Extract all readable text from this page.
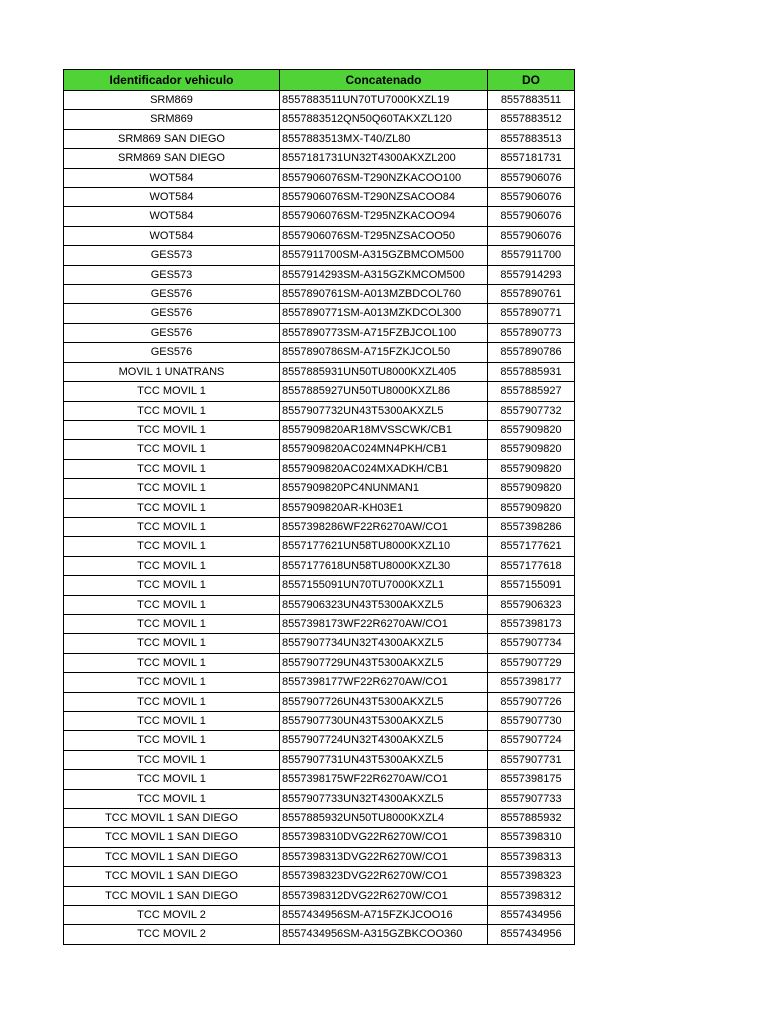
Identificador vehiculo	Concatenado	DO
SRM869	8557883511UN70TU7000KXZL19	8557883511
SRM869	8557883512QN50Q60TAKXZL120	8557883512
SRM869 SAN DIEGO	8557883513MX-T40/ZL80	8557883513
SRM869 SAN DIEGO	8557181731UN32T4300AKXZL200	8557181731
WOT584	8557906076SM-T290NZKACOO100	8557906076
WOT584	8557906076SM-T290NZSACOO84	8557906076
WOT584	8557906076SM-T295NZKACOO94	8557906076
WOT584	8557906076SM-T295NZSACOO50	8557906076
GES573	8557911700SM-A315GZBMCOM500	8557911700
GES573	8557914293SM-A315GZKMCOM500	8557914293
GES576	8557890761SM-A013MZBDCOL760	8557890761
GES576	8557890771SM-A013MZKDCOL300	8557890771
GES576	8557890773SM-A715FZBJCOL100	8557890773
GES576	8557890786SM-A715FZKJCOL50	8557890786
MOVIL 1 UNATRANS	8557885931UN50TU8000KXZL405	8557885931
TCC MOVIL 1	8557885927UN50TU8000KXZL86	8557885927
TCC MOVIL 1	8557907732UN43T5300AKXZL5	8557907732
TCC MOVIL 1	8557909820AR18MVSSCWK/CB1	8557909820
TCC MOVIL 1	8557909820AC024MN4PKH/CB1	8557909820
TCC MOVIL 1	8557909820AC024MXADKH/CB1	8557909820
TCC MOVIL 1	8557909820PC4NUNMAN1	8557909820
TCC MOVIL 1	8557909820AR-KH03E1	8557909820
TCC MOVIL 1	8557398286WF22R6270AW/CO1	8557398286
TCC MOVIL 1	8557177621UN58TU8000KXZL10	8557177621
TCC MOVIL 1	8557177618UN58TU8000KXZL30	8557177618
TCC MOVIL 1	8557155091UN70TU7000KXZL1	8557155091
TCC MOVIL 1	8557906323UN43T5300AKXZL5	8557906323
TCC MOVIL 1	8557398173WF22R6270AW/CO1	8557398173
TCC MOVIL 1	8557907734UN32T4300AKXZL5	8557907734
TCC MOVIL 1	8557907729UN43T5300AKXZL5	8557907729
TCC MOVIL 1	8557398177WF22R6270AW/CO1	8557398177
TCC MOVIL 1	8557907726UN43T5300AKXZL5	8557907726
TCC MOVIL 1	8557907730UN43T5300AKXZL5	8557907730
TCC MOVIL 1	8557907724UN32T4300AKXZL5	8557907724
TCC MOVIL 1	8557907731UN43T5300AKXZL5	8557907731
TCC MOVIL 1	8557398175WF22R6270AW/CO1	8557398175
TCC MOVIL 1	8557907733UN32T4300AKXZL5	8557907733
TCC MOVIL 1 SAN DIEGO	8557885932UN50TU8000KXZL4	8557885932
TCC MOVIL 1 SAN DIEGO	8557398310DVG22R6270W/CO1	8557398310
TCC MOVIL 1 SAN DIEGO	8557398313DVG22R6270W/CO1	8557398313
TCC MOVIL 1 SAN DIEGO	8557398323DVG22R6270W/CO1	8557398323
TCC MOVIL 1 SAN DIEGO	8557398312DVG22R6270W/CO1	8557398312
TCC MOVIL 2	8557434956SM-A715FZKJCOO16	8557434956
TCC MOVIL 2	8557434956SM-A315GZBKCOO360	8557434956
